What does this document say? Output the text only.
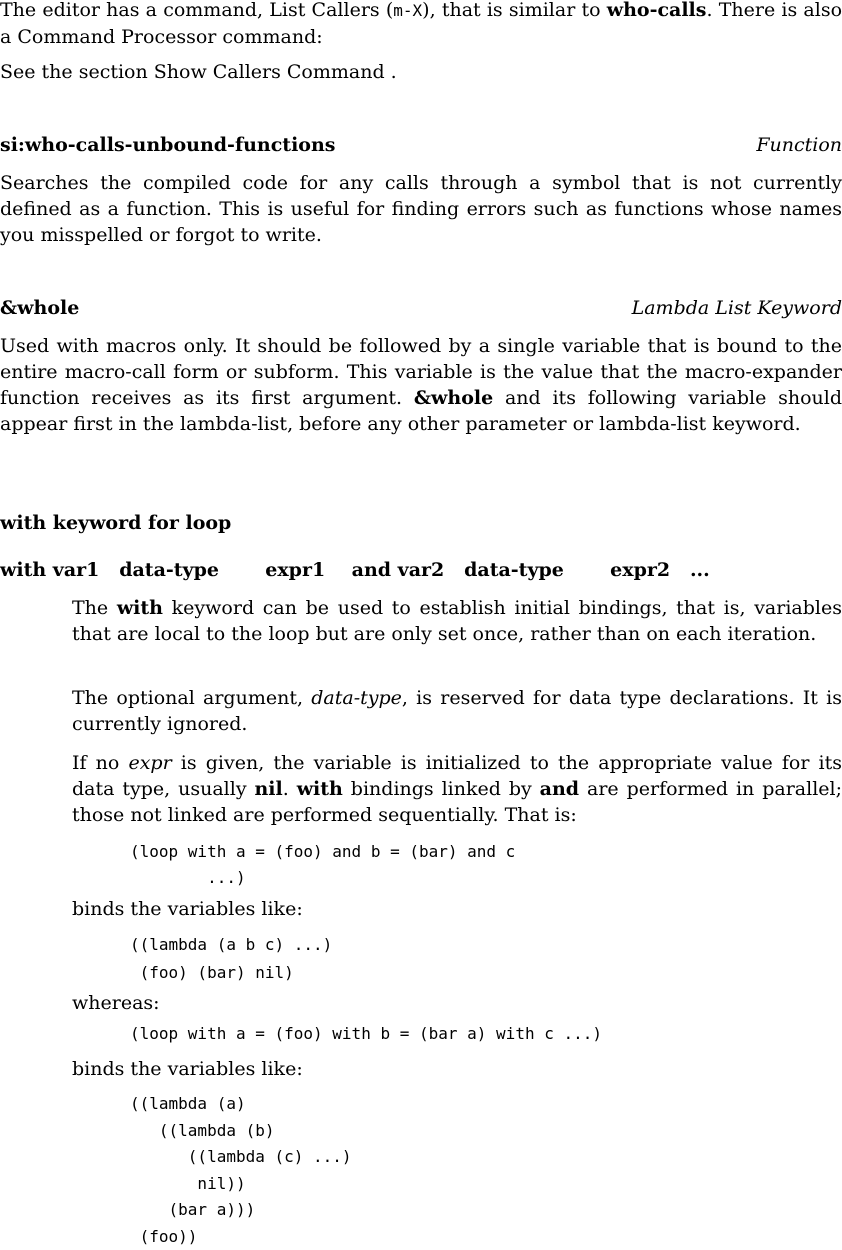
The editor has a command, List Callers (m-X), that is similar to who-calls. There is also a Command Processor command:

See the section Show Callers Command .

si:who-calls-unbound-functions	Function

Searches the compiled code for any calls through a symbol that is not currently defined as a function. This is useful for finding errors such as functions whose names you misspelled or forgot to write.

&whole	Lambda List Keyword

Used with macros only. It should be followed by a single variable that is bound to the entire macro-call form or subform. This variable is the value that the macro-expander function receives as its first argument. &whole and its following variable should appear first in the lambda-list, before any other parameter or lambda-list keyword.

with keyword for loop
with var1   data-type       expr1    and var2   data-type       expr2   ...

The with keyword can be used to establish initial bindings, that is, variables that are local to the loop but are only set once, rather than on each iteration.

The optional argument, data-type, is reserved for data type declarations. It is currently ignored.

If no expr is given, the variable is initialized to the appropriate value for its data type, usually nil. with bindings linked by and are performed in parallel; those not linked are performed sequentially. That is:

(loop with a = (foo) and b = (bar) and c
...)

binds the variables like:

((lambda (a b c) ...)
(foo) (bar) nil)

whereas:

(loop with a = (foo) with b = (bar a) with c ...)

binds the variables like:

((lambda (a)
((lambda (b)
((lambda (c) ...)
nil))
(bar a)))
(foo))
